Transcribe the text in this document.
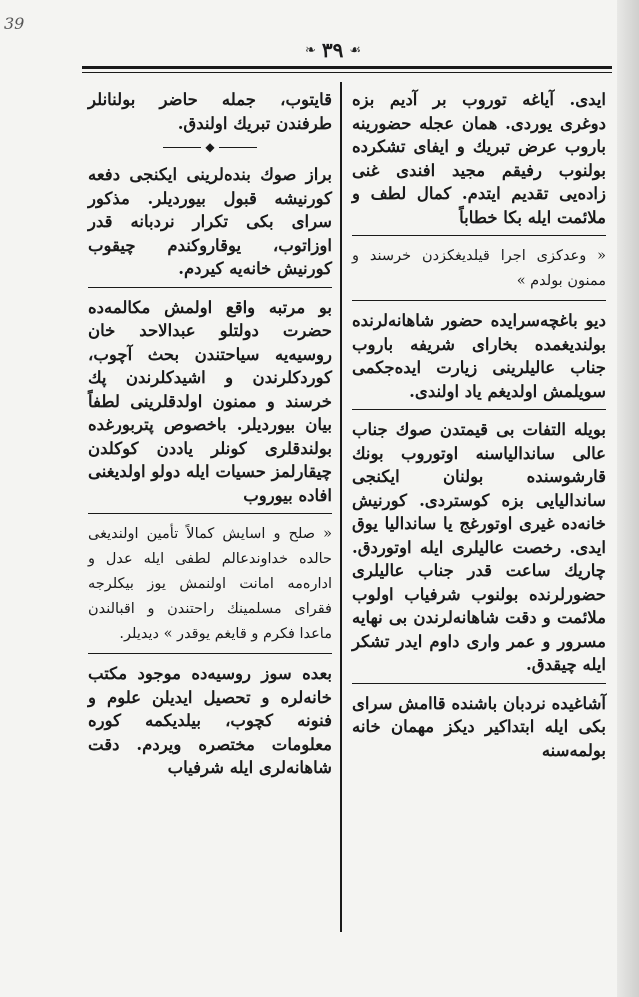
39
❧ ٣٩ ☙

ایدی. آیاغه توروب بر آدیم بزه دوغری یوردی. همان عجله حضورینه باروب عرض تبریك و ایفای تشکرده بولنوب رفیقم مجید افندی غنی زاده‌یی تقدیم ایتدم. کمال لطف و ملائمت ایله بکا خطاباً

« وعدکزی اجرا قیلدیغکزدن خرسند و ممنون بولدم »

دیو باغچه‌سرایده حضور شاهانه‌لرنده بولندیغمده بخارای شریفه باروب جناب عالیلرینی زیارت ایده‌جکمی سویلمش اولدیغم یاد اولندی.

بویله التفات بی قیمتدن صوك جناب عالی ساندالیاسنه اوتوروب بونك قارشوسنده بولنان ایکنجی ساندالیایی بزه کوستردی. کورنیش خانه‌ده غیری اوتورغج یا ساندالیا یوق ایدی. رخصت عالیلری ایله اوتوردق. چاریك ساعت قدر جناب عالیلری حضورلرنده بولنوب شرفیاب اولوب ملائمت و دقت شاهانه‌لرندن بی نهایه مسرور و عمر واری داوم ایدر تشکر ایله چیقدق.

آشاغیده نردبان باشنده قاامش سرای بکی ایله ابتداکیر دیکز مهمان خانه بولمه‌سنه

قایتوب، جمله حاضر بولنانلر طرفندن تبریك اولندق.

◆

براز صوك بنده‌لرینی ایکنجی دفعه کورنیشه قبول بیوردیلر. مذکور سرای بکی تکرار نردبانه قدر اوزاتوب، یوقاروکندم چیقوب کورنیش خانه‌یه کیردم.

بو مرتبه واقع اولمش مکالمه‌ده حضرت دولتلو عبدالاحد خان روسیه‌یه سیاحتندن بحث آچوب، کوردکلرندن و اشیدکلرندن پك خرسند و ممنون اولدقلرینی لطفاً بیان بیوردیلر. باخصوص پتربورغده بولندقلری کونلر یاددن کوکلدن چیقارلمز حسیات ایله دولو اولدیغنی افاده بیوروب

« صلح و اسایش کمالاً تأمین اولندیغی حالده خداوندعالم لطفی ایله عدل و اداره‌مه امانت اولنمش یوز بیکلرجه فقرای مسلمینك راحتندن و اقبالندن ماعدا فکرم و قایغم یوقدر » دیدیلر.

بعده سوز روسیه‌ده موجود مکتب خانه‌لره و تحصیل ایدیلن علوم و فنونه کچوب، بیلدیکمه کوره معلومات مختصره ویردم. دقت شاهانه‌لری ایله شرفیاب
